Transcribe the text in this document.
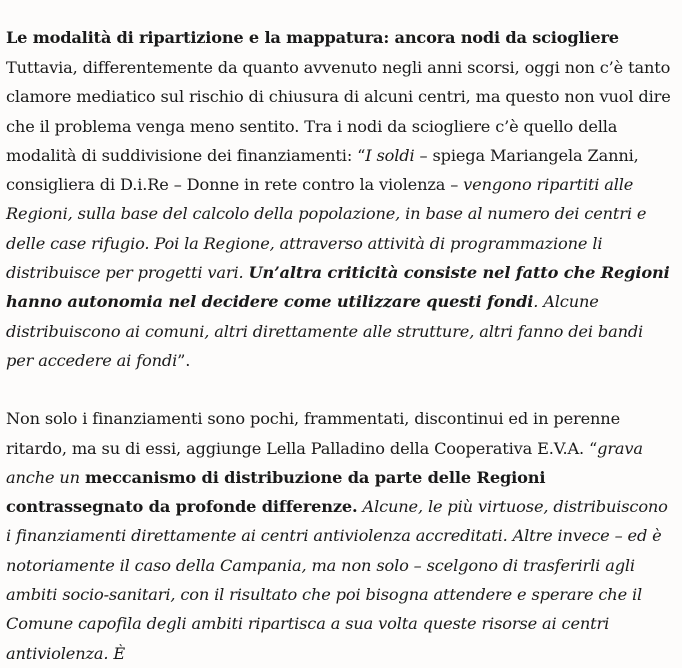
Le modalità di ripartizione e la mappatura: ancora nodi da sciogliere

Tuttavia, differentemente da quanto avvenuto negli anni scorsi, oggi non c’è tanto clamore mediatico sul rischio di chiusura di alcuni centri, ma questo non vuol dire che il problema venga meno sentito. Tra i nodi da sciogliere c’è quello della modalità di suddivisione dei finanziamenti: “I soldi – spiega Mariangela Zanni, consigliera di D.i.Re – Donne in rete contro la violenza – vengono ripartiti alle Regioni, sulla base del calcolo della popolazione, in base al numero dei centri e delle case rifugio. Poi la Regione, attraverso attività di programmazione li distribuisce per progetti vari. Un’altra criticità consiste nel fatto che Regioni hanno autonomia nel decidere come utilizzare questi fondi. Alcune distribuiscono ai comuni, altri direttamente alle strutture, altri fanno dei bandi per accedere ai fondi”.

Non solo i finanziamenti sono pochi, frammentati, discontinui ed in perenne ritardo, ma su di essi, aggiunge Lella Palladino della Cooperativa E.V.A. “grava anche un meccanismo di distribuzione da parte delle Regioni contrassegnato da profonde differenze. Alcune, le più virtuose, distribuiscono i finanziamenti direttamente ai centri antiviolenza accreditati. Altre invece – ed è notoriamente il caso della Campania, ma non solo – scelgono di trasferirli agli ambiti socio-sanitari, con il risultato che poi bisogna attendere e sperare che il Comune capofila degli ambiti ripartisca a sua volta queste risorse ai centri antiviolenza. È
